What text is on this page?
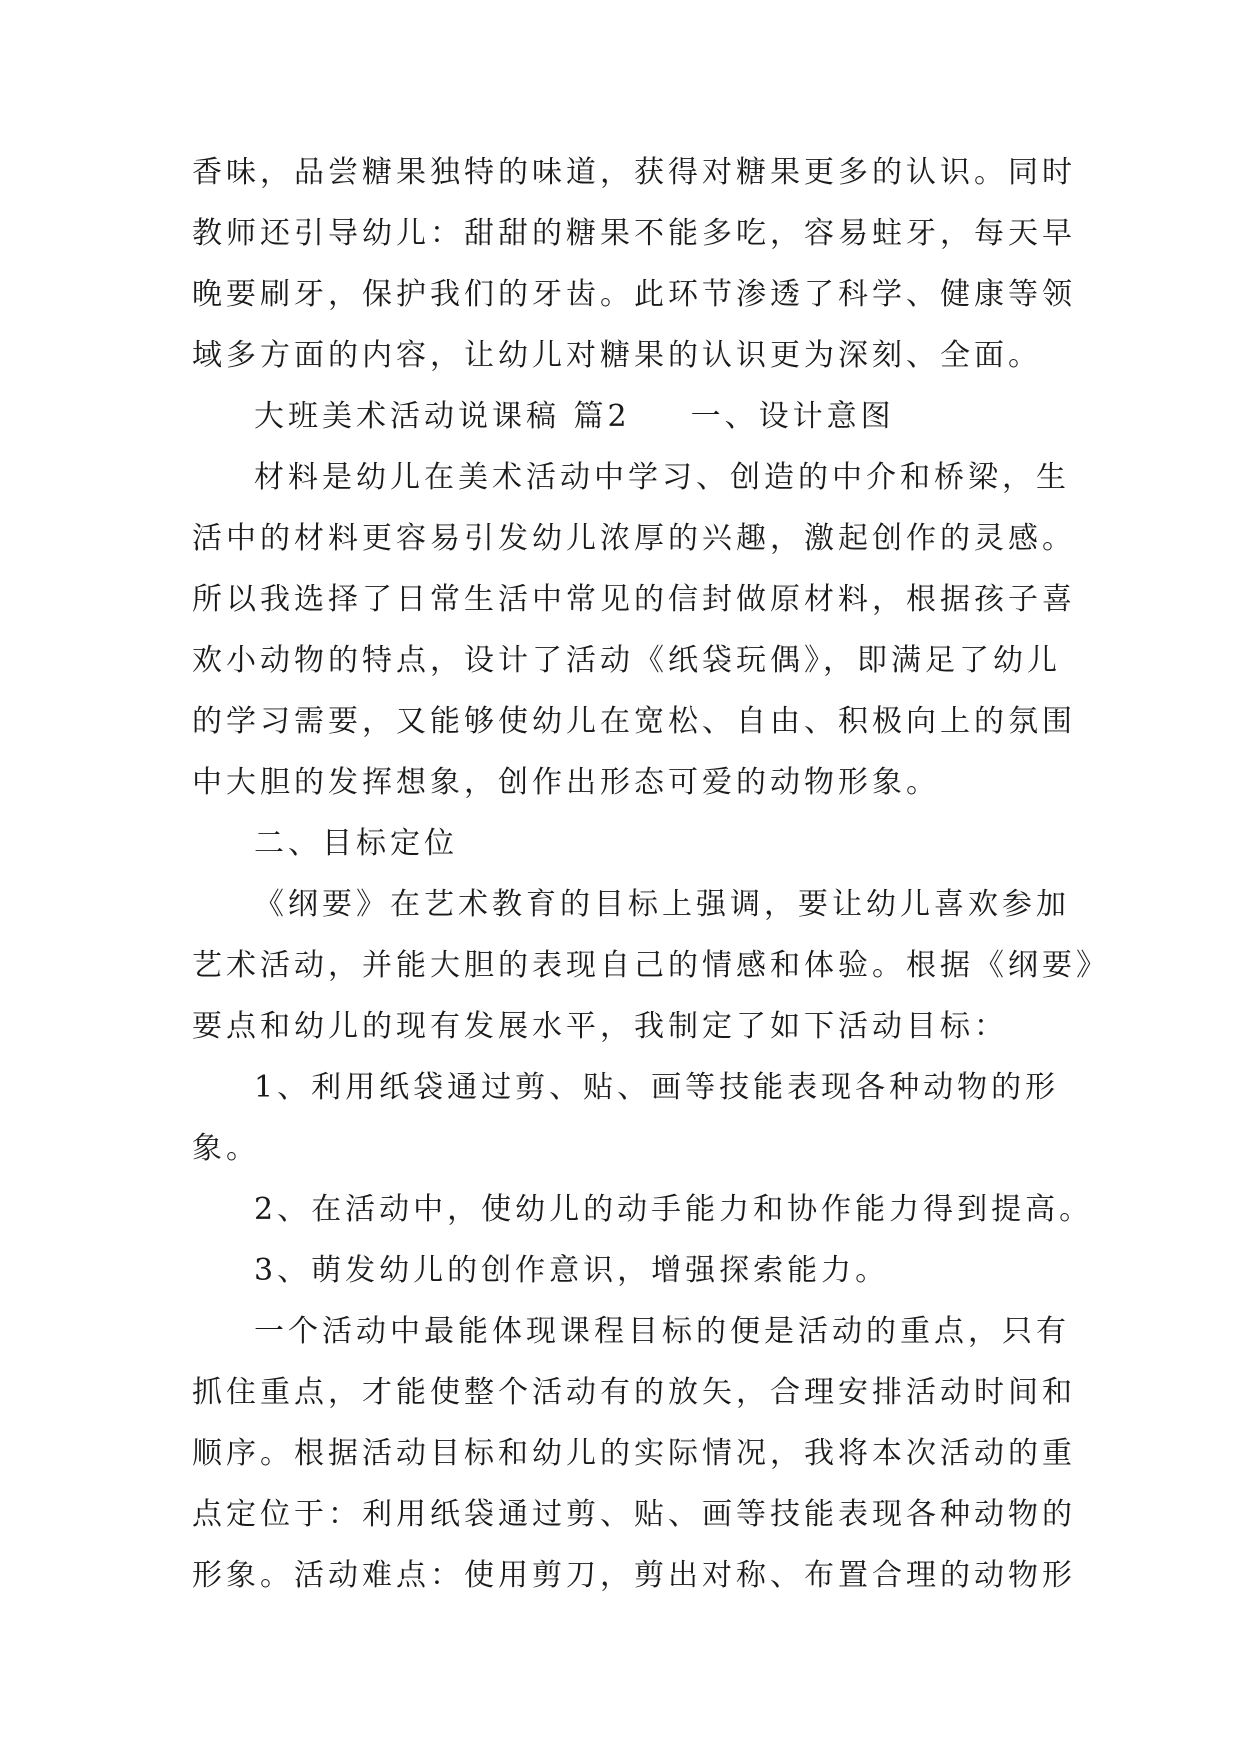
香味，品尝糖果独特的味道，获得对糖果更多的认识。同时
教师还引导幼儿：甜甜的糖果不能多吃，容易蛀牙，每天早
晚要刷牙，保护我们的牙齿。此环节渗透了科学、健康等领
域多方面的内容，让幼儿对糖果的认识更为深刻、全面。
大班美术活动说课稿 篇2 一、设计意图
材料是幼儿在美术活动中学习、创造的中介和桥梁，生
活中的材料更容易引发幼儿浓厚的兴趣，激起创作的灵感。
所以我选择了日常生活中常见的信封做原材料，根据孩子喜
欢小动物的特点，设计了活动《纸袋玩偶》，即满足了幼儿
的学习需要，又能够使幼儿在宽松、自由、积极向上的氛围
中大胆的发挥想象，创作出形态可爱的动物形象。
二、目标定位
《纲要》在艺术教育的目标上强调，要让幼儿喜欢参加
艺术活动，并能大胆的表现自己的情感和体验。根据《纲要》
要点和幼儿的现有发展水平，我制定了如下活动目标：
1、利用纸袋通过剪、贴、画等技能表现各种动物的形
象。
2、在活动中，使幼儿的动手能力和协作能力得到提高。
3、萌发幼儿的创作意识，增强探索能力。
一个活动中最能体现课程目标的便是活动的重点，只有
抓住重点，才能使整个活动有的放矢，合理安排活动时间和
顺序。根据活动目标和幼儿的实际情况，我将本次活动的重
点定位于：利用纸袋通过剪、贴、画等技能表现各种动物的
形象。活动难点：使用剪刀，剪出对称、布置合理的动物形
